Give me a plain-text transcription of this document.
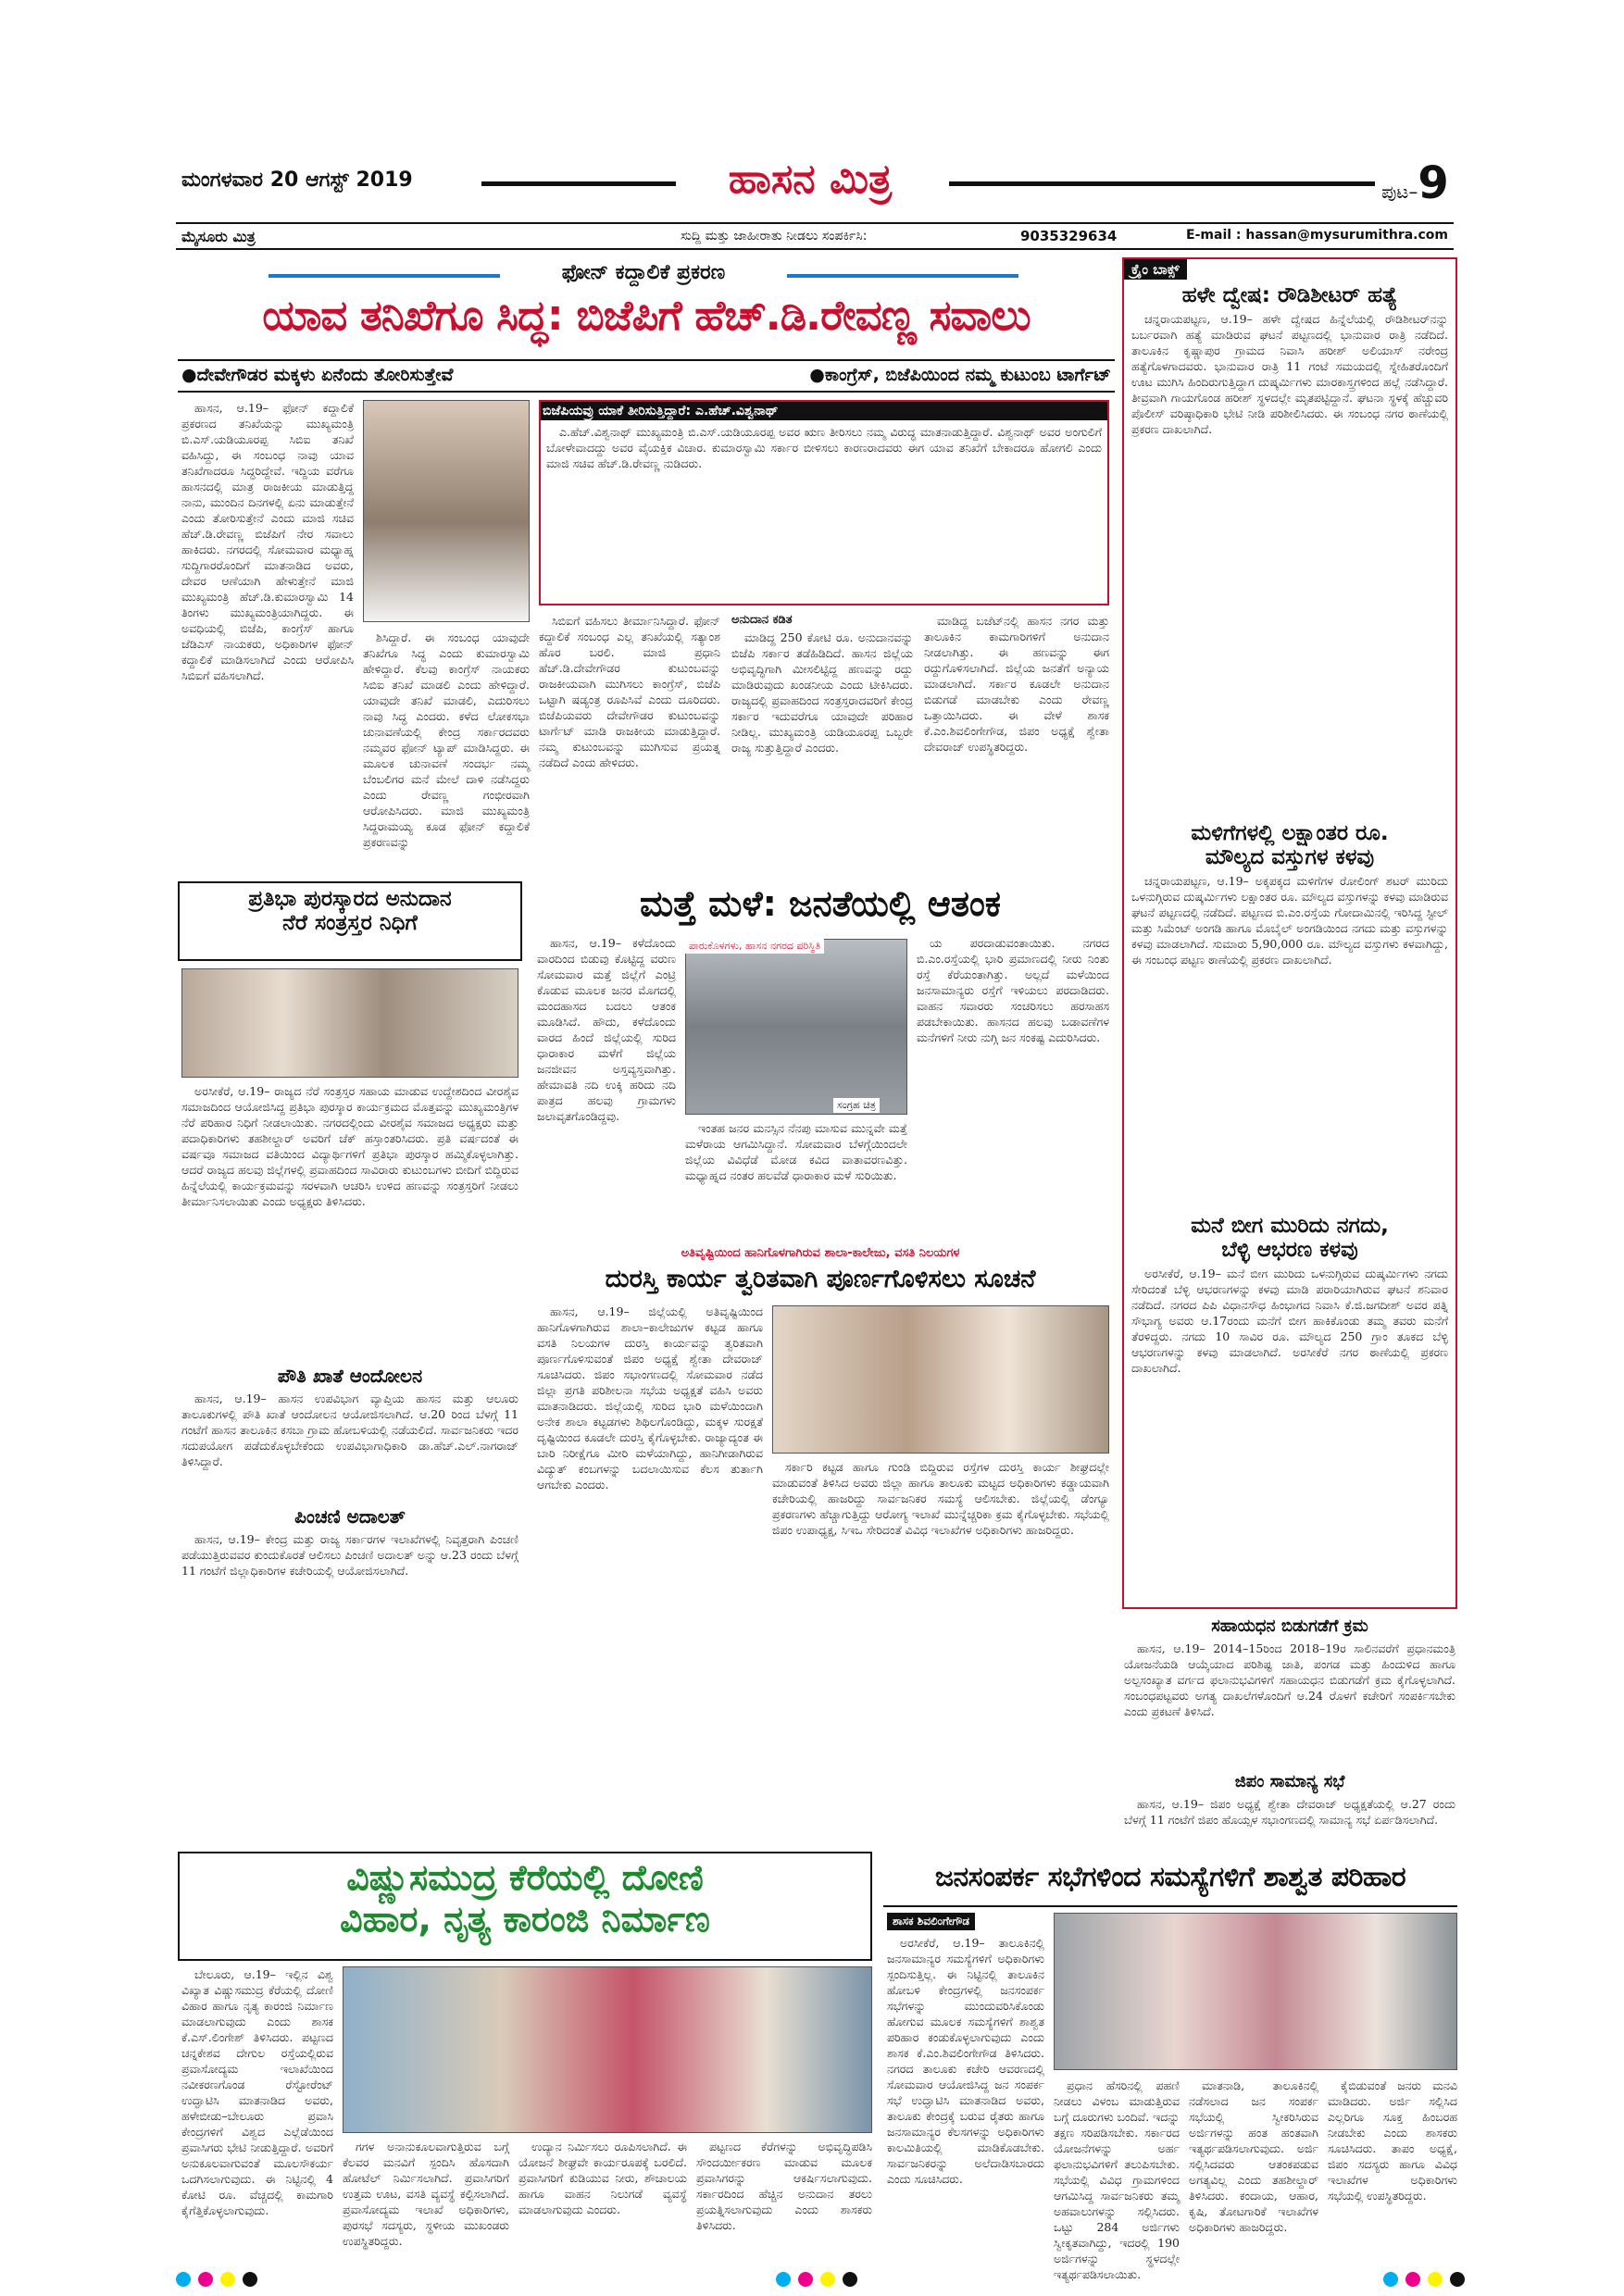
ಮಂಗಳವಾರ 20 ಆಗಸ್ಟ್ 2019	ಹಾಸನ ಮಿತ್ರ	ಪುಟ–9
ಮೈಸೂರು ಮಿತ್ರ	ಸುದ್ದಿ ಮತ್ತು ಜಾಹೀರಾತು ನೀಡಲು ಸಂಪರ್ಕಿಸಿ:	9035329634	E-mail : hassan@mysurumithra.com
ಫೋನ್ ಕದ್ದಾಲಿಕೆ ಪ್ರಕರಣ
ಯಾವ ತನಿಖೆಗೂ ಸಿದ್ಧ: ಬಿಜೆಪಿಗೆ ಹೆಚ್.ಡಿ.ರೇವಣ್ಣ ಸವಾಲು
●ದೇವೇಗೌಡರ ಮಕ್ಕಳು ಏನೆಂದು ತೋರಿಸುತ್ತೇವೆ	●ಕಾಂಗ್ರೆಸ್, ಬಿಜೆಪಿಯಿಂದ ನಮ್ಮ ಕುಟುಂಬ ಟಾರ್ಗೆಟ್

ಹಾಸನ, ಆ.19– ಫೋನ್ ಕದ್ದಾಲಿಕೆ ಪ್ರಕರಣದ ತನಿಖೆಯನ್ನು ಮುಖ್ಯಮಂತ್ರಿ ಬಿ.ಎಸ್.ಯಡಿಯೂರಪ್ಪ ಸಿಬಿಐ ತನಿಖೆ ವಹಿಸಿದ್ದು, ಈ ಸಂಬಂಧ ನಾವು ಯಾವ ತನಿಖೆಗಾದರೂ ಸಿದ್ಧರಿದ್ದೇವೆ. ಇದ್ದಿಯ ವರೆಗೂ ಹಾಸನದಲ್ಲಿ ಮಾತ್ರ ರಾಜಕೀಯ ಮಾಡುತ್ತಿದ್ದ ನಾನು, ಮುಂದಿನ ದಿನಗಳಲ್ಲಿ ಏನು ಮಾಡುತ್ತೇನೆ ಎಂದು ತೋರಿಸುತ್ತೇನೆ ಎಂದು ಮಾಜಿ ಸಚಿವ ಹೆಚ್.ಡಿ.ರೇವಣ್ಣ ಬಿಜೆಪಿಗೆ ನೇರ ಸವಾಲು ಹಾಕಿದರು. ನಗರದಲ್ಲಿ ಸೋಮವಾರ ಮಧ್ಯಾಹ್ನ ಸುದ್ದಿಗಾರರೊಂದಿಗೆ ಮಾತನಾಡಿದ ಅವರು, ದೇವರ ಆಣೆಯಾಗಿ ಹೇಳುತ್ತೇನೆ ಮಾಜಿ ಮುಖ್ಯಮಂತ್ರಿ ಹೆಚ್.ಡಿ.ಕುಮಾರಸ್ವಾಮಿ 14 ತಿಂಗಳು ಮುಖ್ಯಮಂತ್ರಿಯಾಗಿದ್ದರು. ಈ ಅವಧಿಯಲ್ಲಿ ಬಿಜೆಪಿ, ಕಾಂಗ್ರೆಸ್ ಹಾಗೂ ಜೆಡಿಎಸ್ ನಾಯಕರು, ಅಧಿಕಾರಿಗಳ ಫೋನ್ ಕದ್ದಾಲಿಕೆ ಮಾಡಿಸಲಾಗಿದೆ ಎಂದು ಆರೋಪಿಸಿ ಸಿಬಿಐಗೆ ವಹಿಸಲಾಗಿದೆ.

ಶಿಸಿದ್ದಾರೆ. ಈ ಸಂಬಂಧ ಯಾವುದೇ ತನಿಖೆಗೂ ಸಿದ್ಧ ಎಂದು ಕುಮಾರಸ್ವಾಮಿ ಹೇಳಿದ್ದಾರೆ. ಕೆಲವು ಕಾಂಗ್ರೆಸ್ ನಾಯಕರು ಸಿಬಿಐ ತನಿಖೆ ಮಾಡಲಿ ಎಂದು ಹೇಳಿದ್ದಾರೆ. ಯಾವುದೇ ತನಿಖೆ ಮಾಡಲಿ, ಎದುರಿಸಲು ನಾವು ಸಿದ್ಧ ಎಂದರು. ಕಳೆದ ಲೋಕಸಭಾ ಚುನಾವಣೆಯಲ್ಲಿ ಕೇಂದ್ರ ಸರ್ಕಾರದವರು ನಮ್ಮವರ ಫೋನ್ ಟ್ಯಾಪ್ ಮಾಡಿಸಿದ್ದರು. ಈ ಮೂಲಕ ಚುನಾವಣೆ ಸಂದರ್ಭ ನಮ್ಮ ಬೆಂಬಲಿಗರ ಮನೆ ಮೇಲೆ ದಾಳಿ ನಡೆಸಿದ್ದರು ಎಂದು ರೇವಣ್ಣ ಗಂಭೀರವಾಗಿ ಆರೋಪಿಸಿದರು. ಮಾಜಿ ಮುಖ್ಯಮಂತ್ರಿ ಸಿದ್ದರಾಮಯ್ಯ ಕೂಡ ಫೋನ್ ಕದ್ದಾಲಿಕೆ ಪ್ರಕರಣವನ್ನು

ಬಿಜೆಪಿಯವ್ರು ಯಾಕೆ ತೀರಿಸುತ್ತಿದ್ದಾರೆ: ಎ.ಹೆಚ್.ವಿಶ್ವನಾಥ್

ಎ.ಹೆಚ್.ವಿಶ್ವನಾಥ್ ಮುಖ್ಯಮಂತ್ರಿ ಬಿ.ಎಸ್.ಯಡಿಯೂರಪ್ಪ ಅವರ ಋಣ ತೀರಿಸಲು ನಮ್ಮ ವಿರುದ್ಧ ಮಾತನಾಡುತ್ತಿದ್ದಾರೆ. ವಿಶ್ವನಾಥ್ ಅವರ ಅಂಗುಲಿಗೆ ಬೋಳೇವಾದದ್ದು ಅವರ ವೈಯಕ್ತಿಕ ವಿಚಾರ. ಕುಮಾರಸ್ವಾಮಿ ಸರ್ಕಾರ ಬೀಳಿಸಲು ಕಾರಣರಾದವರು ಈಗ ಯಾವ ತನಿಖೆಗೆ ಬೇಕಾದರೂ ಹೋಗಲಿ ಎಂದು ಮಾಜಿ ಸಚಿವ ಹೆಚ್.ಡಿ.ರೇವಣ್ಣ ನುಡಿದರು.

ಸಿಬಿಐಗೆ ವಹಿಸಲು ತೀರ್ಮಾನಿಸಿದ್ದಾರೆ. ಫೋನ್ ಕದ್ದಾಲಿಕೆ ಸಂಬಂಧ ಎಲ್ಲ ತನಿಖೆಯಲ್ಲಿ ಸತ್ಯಾಂಶ ಹೊರ ಬರಲಿ. ಮಾಜಿ ಪ್ರಧಾನಿ ಹೆಚ್.ಡಿ.ದೇವೇಗೌಡರ ಕುಟುಂಬವನ್ನು ರಾಜಕೀಯವಾಗಿ ಮುಗಿಸಲು ಕಾಂಗ್ರೆಸ್, ಬಿಜೆಪಿ ಒಟ್ಟಾಗಿ ಷಡ್ಯಂತ್ರ ರೂಪಿಸಿವೆ ಎಂದು ದೂರಿದರು. ಬಿಜೆಪಿಯವರು ದೇವೇಗೌಡರ ಕುಟುಂಬವನ್ನು ಟಾರ್ಗೆಟ್ ಮಾಡಿ ರಾಜಕೀಯ ಮಾಡುತ್ತಿದ್ದಾರೆ. ನಮ್ಮ ಕುಟುಂಬವನ್ನು ಮುಗಿಸುವ ಪ್ರಯತ್ನ ನಡೆದಿದೆ ಎಂದು ಹೇಳಿದರು.

ಅನುದಾನ ಕಡಿತ

ಮಾಡಿದ್ದ 250 ಕೋಟಿ ರೂ. ಅನುದಾನವನ್ನು ಬಿಜೆಪಿ ಸರ್ಕಾರ ತಡೆಹಿಡಿದಿದೆ. ಹಾಸನ ಜಿಲ್ಲೆಯ ಅಭಿವೃದ್ಧಿಗಾಗಿ ಮೀಸಲಿಟ್ಟಿದ್ದ ಹಣವನ್ನು ರದ್ದು ಮಾಡಿರುವುದು ಖಂಡನೀಯ ಎಂದು ಟೀಕಿಸಿದರು. ರಾಜ್ಯದಲ್ಲಿ ಪ್ರವಾಹದಿಂದ ಸಂತ್ರಸ್ತರಾದವರಿಗೆ ಕೇಂದ್ರ ಸರ್ಕಾರ ಇದುವರೆಗೂ ಯಾವುದೇ ಪರಿಹಾರ ನೀಡಿಲ್ಲ. ಮುಖ್ಯಮಂತ್ರಿ ಯಡಿಯೂರಪ್ಪ ಒಬ್ಬರೇ ರಾಜ್ಯ ಸುತ್ತುತ್ತಿದ್ದಾರೆ ಎಂದರು.

ಮಾಡಿದ್ದ ಬಜೆಟ್‌ನಲ್ಲಿ ಹಾಸನ ನಗರ ಮತ್ತು ತಾಲೂಕಿನ ಕಾಮಗಾರಿಗಳಿಗೆ ಅನುದಾನ ನೀಡಲಾಗಿತ್ತು. ಈ ಹಣವನ್ನು ಈಗ ರದ್ದುಗೊಳಿಸಲಾಗಿದೆ. ಜಿಲ್ಲೆಯ ಜನತೆಗೆ ಅನ್ಯಾಯ ಮಾಡಲಾಗಿದೆ. ಸರ್ಕಾರ ಕೂಡಲೇ ಅನುದಾನ ಬಿಡುಗಡೆ ಮಾಡಬೇಕು ಎಂದು ರೇವಣ್ಣ ಒತ್ತಾಯಿಸಿದರು. ಈ ವೇಳೆ ಶಾಸಕ ಕೆ.ಎಂ.ಶಿವಲಿಂಗೇಗೌಡ, ಜಿಪಂ ಅಧ್ಯಕ್ಷೆ ಶ್ವೇತಾ ದೇವರಾಜ್ ಉಪಸ್ಥಿತರಿದ್ದರು.

ಕ್ರೈಂ ಬಾಕ್ಸ್
ಹಳೇ ದ್ವೇಷ: ರೌಡಿಶೀಟರ್ ಹತ್ಯೆ

ಚನ್ನರಾಯಪಟ್ಟಣ, ಆ.19– ಹಳೇ ದ್ವೇಷದ ಹಿನ್ನೆಲೆಯಲ್ಲಿ ರೌಡಿಶೀಟರ್‌ನನ್ನು ಬರ್ಬರವಾಗಿ ಹತ್ಯೆ ಮಾಡಿರುವ ಘಟನೆ ಪಟ್ಟಣದಲ್ಲಿ ಭಾನುವಾರ ರಾತ್ರಿ ನಡೆದಿದೆ. ತಾಲೂಕಿನ ಕೃಷ್ಣಾಪುರ ಗ್ರಾಮದ ನಿವಾಸಿ ಹರೀಶ್ ಅಲಿಯಾಸ್ ನರೇಂದ್ರ ಹತ್ಯೆಗೊಳಗಾದವರು. ಭಾನುವಾರ ರಾತ್ರಿ 11 ಗಂಟೆ ಸಮಯದಲ್ಲಿ ಸ್ನೇಹಿತರೊಂದಿಗೆ ಊಟ ಮುಗಿಸಿ ಹಿಂದಿರುಗುತ್ತಿದ್ದಾಗ ದುಷ್ಕರ್ಮಿಗಳು ಮಾರಕಾಸ್ತ್ರಗಳಿಂದ ಹಲ್ಲೆ ನಡೆಸಿದ್ದಾರೆ. ತೀವ್ರವಾಗಿ ಗಾಯಗೊಂಡ ಹರೀಶ್ ಸ್ಥಳದಲ್ಲೇ ಮೃತಪಟ್ಟಿದ್ದಾನೆ. ಘಟನಾ ಸ್ಥಳಕ್ಕೆ ಹೆಚ್ಚುವರಿ ಪೊಲೀಸ್ ವರಿಷ್ಠಾಧಿಕಾರಿ ಭೇಟಿ ನೀಡಿ ಪರಿಶೀಲಿಸಿದರು. ಈ ಸಂಬಂಧ ನಗರ ಠಾಣೆಯಲ್ಲಿ ಪ್ರಕರಣ ದಾಖಲಾಗಿದೆ.

ಮಳಿಗೆಗಳಲ್ಲಿ ಲಕ್ಷಾಂತರ ರೂ.
ಮೌಲ್ಯದ ವಸ್ತುಗಳ ಕಳವು

ಚನ್ನರಾಯಪಟ್ಟಣ, ಆ.19– ಅಕ್ಕಪಕ್ಕದ ಮಳಿಗೆಗಳ ರೋಲಿಂಗ್ ಶಟರ್ ಮುರಿದು ಒಳನುಗ್ಗಿರುವ ದುಷ್ಕರ್ಮಿಗಳು ಲಕ್ಷಾಂತರ ರೂ. ಮೌಲ್ಯದ ವಸ್ತುಗಳನ್ನು ಕಳವು ಮಾಡಿರುವ ಘಟನೆ ಪಟ್ಟಣದಲ್ಲಿ ನಡೆದಿದೆ. ಪಟ್ಟಣದ ಬಿ.ಎಂ.ರಸ್ತೆಯ ಗೋದಾಮಿನಲ್ಲಿ ಇರಿಸಿದ್ದ ಸ್ಟೀಲ್ ಮತ್ತು ಸಿಮೆಂಟ್ ಅಂಗಡಿ ಹಾಗೂ ಮೊಬೈಲ್ ಅಂಗಡಿಯಿಂದ ನಗದು ಮತ್ತು ವಸ್ತುಗಳನ್ನು ಕಳವು ಮಾಡಲಾಗಿದೆ. ಸುಮಾರು 5,90,000 ರೂ. ಮೌಲ್ಯದ ವಸ್ತುಗಳು ಕಳವಾಗಿದ್ದು, ಈ ಸಂಬಂಧ ಪಟ್ಟಣ ಠಾಣೆಯಲ್ಲಿ ಪ್ರಕರಣ ದಾಖಲಾಗಿದೆ.

ಮನೆ ಬೀಗ ಮುರಿದು ನಗದು,
ಬೆಳ್ಳಿ ಆಭರಣ ಕಳವು

ಅರಸೀಕೆರೆ, ಆ.19– ಮನೆ ಬೀಗ ಮುರಿದು ಒಳನುಗ್ಗಿರುವ ದುಷ್ಕರ್ಮಿಗಳು ನಗದು ಸೇರಿದಂತೆ ಬೆಳ್ಳಿ ಆಭರಣಗಳನ್ನು ಕಳವು ಮಾಡಿ ಪರಾರಿಯಾಗಿರುವ ಘಟನೆ ಶನಿವಾರ ನಡೆದಿದೆ. ನಗರದ ಪಿಪಿ ವಿಧಾನಸೌಧ ಹಿಂಭಾಗದ ನಿವಾಸಿ ಕೆ.ಜಿ.ಜಗದೀಶ್ ಅವರ ಪತ್ನಿ ಸೌಭಾಗ್ಯ ಅವರು ಆ.17ರಂದು ಮನೆಗೆ ಬೀಗ ಹಾಕಿಕೊಂಡು ತಮ್ಮ ತವರು ಮನೆಗೆ ತೆರಳಿದ್ದರು. ನಗದು 10 ಸಾವಿರ ರೂ. ಮೌಲ್ಯದ 250 ಗ್ರಾಂ ತೂಕದ ಬೆಳ್ಳಿ ಆಭರಣಗಳನ್ನು ಕಳವು ಮಾಡಲಾಗಿದೆ. ಅರಸೀಕೆರೆ ನಗರ ಠಾಣೆಯಲ್ಲಿ ಪ್ರಕರಣ ದಾಖಲಾಗಿದೆ.

ಪ್ರತಿಭಾ ಪುರಸ್ಕಾರದ ಅನುದಾನ
ನೆರೆ ಸಂತ್ರಸ್ತರ ನಿಧಿಗೆ

ಅರಸೀಕೆರೆ, ಆ.19– ರಾಜ್ಯದ ನೆರೆ ಸಂತ್ರಸ್ತರ ಸಹಾಯ ಮಾಡುವ ಉದ್ದೇಶದಿಂದ ವೀರಶೈವ ಸಮಾಜದಿಂದ ಆಯೋಜಿಸಿದ್ದ ಪ್ರತಿಭಾ ಪುರಸ್ಕಾರ ಕಾರ್ಯಕ್ರಮದ ಮೊತ್ತವನ್ನು ಮುಖ್ಯಮಂತ್ರಿಗಳ ನೆರೆ ಪರಿಹಾರ ನಿಧಿಗೆ ನೀಡಲಾಯಿತು. ನಗರದಲ್ಲಿಂದು ವೀರಶೈವ ಸಮಾಜದ ಅಧ್ಯಕ್ಷರು ಮತ್ತು ಪದಾಧಿಕಾರಿಗಳು ತಹಶೀಲ್ದಾರ್ ಅವರಿಗೆ ಚೆಕ್ ಹಸ್ತಾಂತರಿಸಿದರು. ಪ್ರತಿ ವರ್ಷದಂತೆ ಈ ವರ್ಷವೂ ಸಮಾಜದ ವತಿಯಿಂದ ವಿದ್ಯಾರ್ಥಿಗಳಿಗೆ ಪ್ರತಿಭಾ ಪುರಸ್ಕಾರ ಹಮ್ಮಿಕೊಳ್ಳಲಾಗಿತ್ತು. ಆದರೆ ರಾಜ್ಯದ ಹಲವು ಜಿಲ್ಲೆಗಳಲ್ಲಿ ಪ್ರವಾಹದಿಂದ ಸಾವಿರಾರು ಕುಟುಂಬಗಳು ಬೀದಿಗೆ ಬಿದ್ದಿರುವ ಹಿನ್ನೆಲೆಯಲ್ಲಿ ಕಾರ್ಯಕ್ರಮವನ್ನು ಸರಳವಾಗಿ ಆಚರಿಸಿ ಉಳಿದ ಹಣವನ್ನು ಸಂತ್ರಸ್ತರಿಗೆ ನೀಡಲು ತೀರ್ಮಾನಿಸಲಾಯಿತು ಎಂದು ಅಧ್ಯಕ್ಷರು ತಿಳಿಸಿದರು.

ಪೌತಿ ಖಾತೆ ಆಂದೋಲನ

ಹಾಸನ, ಆ.19– ಹಾಸನ ಉಪವಿಭಾಗ ವ್ಯಾಪ್ತಿಯ ಹಾಸನ ಮತ್ತು ಆಲೂರು ತಾಲೂಕುಗಳಲ್ಲಿ ಪೌತಿ ಖಾತೆ ಆಂದೋಲನ ಆಯೋಜಿಸಲಾಗಿದೆ. ಆ.20 ರಿಂದ ಬೆಳಗ್ಗೆ 11 ಗಂಟೆಗೆ ಹಾಸನ ತಾಲೂಕಿನ ಕಸಬಾ ಗ್ರಾಮ ಹೋಬಳಿಯಲ್ಲಿ ನಡೆಯಲಿದೆ. ಸಾರ್ವಜನಿಕರು ಇದರ ಸದುಪಯೋಗ ಪಡೆದುಕೊಳ್ಳಬೇಕೆಂದು ಉಪವಿಭಾಗಾಧಿಕಾರಿ ಡಾ.ಹೆಚ್.ಎಲ್.ನಾಗರಾಜ್ ತಿಳಿಸಿದ್ದಾರೆ.

ಪಿಂಚಣಿ ಅದಾಲತ್

ಹಾಸನ, ಆ.19– ಕೇಂದ್ರ ಮತ್ತು ರಾಜ್ಯ ಸರ್ಕಾರಗಳ ಇಲಾಖೆಗಳಲ್ಲಿ ನಿವೃತ್ತರಾಗಿ ಪಿಂಚಣಿ ಪಡೆಯುತ್ತಿರುವವರ ಕುಂದುಕೊರತೆ ಆಲಿಸಲು ಪಿಂಚಣಿ ಅದಾಲತ್ ಅನ್ನು ಆ.23 ರಂದು ಬೆಳಗ್ಗೆ 11 ಗಂಟೆಗೆ ಜಿಲ್ಲಾಧಿಕಾರಿಗಳ ಕಚೇರಿಯಲ್ಲಿ ಆಯೋಜಿಸಲಾಗಿದೆ.

ಮತ್ತೆ ಮಳೆ: ಜನತೆಯಲ್ಲಿ ಆತಂಕ

ಹಾಸನ, ಆ.19– ಕಳೆದೊಂದು ವಾರದಿಂದ ಬಿಡುವು ಕೊಟ್ಟಿದ್ದ ವರುಣ ಸೋಮವಾರ ಮತ್ತೆ ಜಿಲ್ಲೆಗೆ ಎಂಟ್ರಿ ಕೊಡುವ ಮೂಲಕ ಜನರ ಮೊಗದಲ್ಲಿ ಮಂದಹಾಸದ ಬದಲು ಆತಂಕ ಮೂಡಿಸಿದೆ. ಹೌದು, ಕಳೆದೊಂದು ವಾರದ ಹಿಂದೆ ಜಿಲ್ಲೆಯಲ್ಲಿ ಸುರಿದ ಧಾರಾಕಾರ ಮಳೆಗೆ ಜಿಲ್ಲೆಯ ಜನಜೀವನ ಅಸ್ತವ್ಯಸ್ತವಾಗಿತ್ತು. ಹೇಮಾವತಿ ನದಿ ಉಕ್ಕಿ ಹರಿದು ನದಿ ಪಾತ್ರದ ಹಲವು ಗ್ರಾಮಗಳು ಜಲಾವೃತಗೊಂಡಿದ್ದವು.

ಪಾರುಕೊಳಗಳು, ಹಾಸನ ನಗರದ ಪರಿಸ್ಥಿತಿ
ಸಂಗ್ರಹ ಚಿತ್ರ

ಇಂತಹ ಜನರ ಮನಸ್ಸಿನ ನೆನಪು ಮಾಸುವ ಮುನ್ನವೇ ಮತ್ತೆ ಮಳೆರಾಯ ಆಗಮಿಸಿದ್ದಾನೆ. ಸೋಮವಾರ ಬೆಳಗ್ಗೆಯಿಂದಲೇ ಜಿಲ್ಲೆಯ ವಿವಿಧೆಡೆ ಮೋಡ ಕವಿದ ವಾತಾವರಣವಿತ್ತು. ಮಧ್ಯಾಹ್ನದ ನಂತರ ಹಲವೆಡೆ ಧಾರಾಕಾರ ಮಳೆ ಸುರಿಯಿತು.

ಯ ಪರದಾಡುವಂತಾಯಿತು. ನಗರದ ಬಿ.ಎಂ.ರಸ್ತೆಯಲ್ಲಿ ಭಾರಿ ಪ್ರಮಾಣದಲ್ಲಿ ನೀರು ನಿಂತು ರಸ್ತೆ ಕೆರೆಯಂತಾಗಿತ್ತು. ಅಲ್ಲದೆ ಮಳೆಯಿಂದ ಜನಸಾಮಾನ್ಯರು ರಸ್ತೆಗೆ ಇಳಿಯಲು ಪರದಾಡಿದರು. ವಾಹನ ಸವಾರರು ಸಂಚರಿಸಲು ಹರಸಾಹಸ ಪಡಬೇಕಾಯಿತು. ಹಾಸನದ ಹಲವು ಬಡಾವಣೆಗಳ ಮನೆಗಳಿಗೆ ನೀರು ನುಗ್ಗಿ ಜನ ಸಂಕಷ್ಟ ಎದುರಿಸಿದರು.

ಅತಿವೃಷ್ಟಿಯಿಂದ ಹಾನಿಗೊಳಗಾಗಿರುವ ಶಾಲಾ-ಕಾಲೇಜು, ವಸತಿ ನಿಲಯಗಳ
ದುರಸ್ತಿ ಕಾರ್ಯ ತ್ವರಿತವಾಗಿ ಪೂರ್ಣಗೊಳಿಸಲು ಸೂಚನೆ

ಹಾಸನ, ಆ.19– ಜಿಲ್ಲೆಯಲ್ಲಿ ಅತಿವೃಷ್ಟಿಯಿಂದ ಹಾನಿಗೊಳಗಾಗಿರುವ ಶಾಲಾ–ಕಾಲೇಜುಗಳ ಕಟ್ಟಡ ಹಾಗೂ ವಸತಿ ನಿಲಯಗಳ ದುರಸ್ತಿ ಕಾರ್ಯವನ್ನು ತ್ವರಿತವಾಗಿ ಪೂರ್ಣಗೊಳಿಸುವಂತೆ ಜಿಪಂ ಅಧ್ಯಕ್ಷೆ ಶ್ವೇತಾ ದೇವರಾಜ್ ಸೂಚಿಸಿದರು. ಜಿಪಂ ಸಭಾಂಗಣದಲ್ಲಿ ಸೋಮವಾರ ನಡೆದ ಜಿಲ್ಲಾ ಪ್ರಗತಿ ಪರಿಶೀಲನಾ ಸಭೆಯ ಅಧ್ಯಕ್ಷತೆ ವಹಿಸಿ ಅವರು ಮಾತನಾಡಿದರು. ಜಿಲ್ಲೆಯಲ್ಲಿ ಸುರಿದ ಭಾರಿ ಮಳೆಯಿಂದಾಗಿ ಅನೇಕ ಶಾಲಾ ಕಟ್ಟಡಗಳು ಶಿಥಿಲಗೊಂಡಿದ್ದು, ಮಕ್ಕಳ ಸುರಕ್ಷತೆ ದೃಷ್ಟಿಯಿಂದ ಕೂಡಲೇ ದುರಸ್ತಿ ಕೈಗೊಳ್ಳಬೇಕು. ರಾಜ್ಯಾದ್ಯಂತ ಈ ಬಾರಿ ನಿರೀಕ್ಷೆಗೂ ಮೀರಿ ಮಳೆಯಾಗಿದ್ದು, ಹಾನಿಗೀಡಾಗಿರುವ ವಿದ್ಯುತ್ ಕಂಬಗಳನ್ನು ಬದಲಾಯಿಸುವ ಕೆಲಸ ತುರ್ತಾಗಿ ಆಗಬೇಕು ಎಂದರು.

ಸರ್ಕಾರಿ ಕಟ್ಟಡ ಹಾಗೂ ಗುಂಡಿ ಬಿದ್ದಿರುವ ರಸ್ತೆಗಳ ದುರಸ್ತಿ ಕಾರ್ಯ ಶೀಘ್ರದಲ್ಲೇ ಮಾಡುವಂತೆ ತಿಳಿಸಿದ ಅವರು ಜಿಲ್ಲಾ ಹಾಗೂ ತಾಲೂಕು ಮಟ್ಟದ ಅಧಿಕಾರಿಗಳು ಕಡ್ಡಾಯವಾಗಿ ಕಚೇರಿಯಲ್ಲಿ ಹಾಜರಿದ್ದು ಸಾರ್ವಜನಿಕರ ಸಮಸ್ಯೆ ಆಲಿಸಬೇಕು. ಜಿಲ್ಲೆಯಲ್ಲಿ ಡೆಂಗ್ಯೂ ಪ್ರಕರಣಗಳು ಹೆಚ್ಚಾಗುತ್ತಿದ್ದು ಆರೋಗ್ಯ ಇಲಾಖೆ ಮುನ್ನೆಚ್ಚರಿಕಾ ಕ್ರಮ ಕೈಗೊಳ್ಳಬೇಕು. ಸಭೆಯಲ್ಲಿ ಜಿಪಂ ಉಪಾಧ್ಯಕ್ಷ, ಸಿಇಒ ಸೇರಿದಂತೆ ವಿವಿಧ ಇಲಾಖೆಗಳ ಅಧಿಕಾರಿಗಳು ಹಾಜರಿದ್ದರು.

ಸಹಾಯಧನ ಬಿಡುಗಡೆಗೆ ಕ್ರಮ

ಹಾಸನ, ಆ.19– 2014–15ರಿಂದ 2018–19ರ ಸಾಲಿನವರೆಗೆ ಪ್ರಧಾನಮಂತ್ರಿ ಯೋಜನೆಯಡಿ ಆಯ್ಕೆಯಾದ ಪರಿಶಿಷ್ಟ ಜಾತಿ, ಪಂಗಡ ಮತ್ತು ಹಿಂದುಳಿದ ಹಾಗೂ ಅಲ್ಪಸಂಖ್ಯಾತ ವರ್ಗದ ಫಲಾನುಭವಿಗಳಿಗೆ ಸಹಾಯಧನ ಬಿಡುಗಡೆಗೆ ಕ್ರಮ ಕೈಗೊಳ್ಳಲಾಗಿದೆ. ಸಂಬಂಧಪಟ್ಟವರು ಅಗತ್ಯ ದಾಖಲೆಗಳೊಂದಿಗೆ ಆ.24 ರೊಳಗೆ ಕಚೇರಿಗೆ ಸಂಪರ್ಕಿಸಬೇಕು ಎಂದು ಪ್ರಕಟಣೆ ತಿಳಿಸಿದೆ.

ಜಿಪಂ ಸಾಮಾನ್ಯ ಸಭೆ

ಹಾಸನ, ಆ.19– ಜಿಪಂ ಅಧ್ಯಕ್ಷೆ ಶ್ವೇತಾ ದೇವರಾಜ್ ಅಧ್ಯಕ್ಷತೆಯಲ್ಲಿ ಆ.27 ರಂದು ಬೆಳಗ್ಗೆ 11 ಗಂಟೆಗೆ ಜಿಪಂ ಹೊಯ್ಸಳ ಸಭಾಂಗಣದಲ್ಲಿ ಸಾಮಾನ್ಯ ಸಭೆ ಏರ್ಪಡಿಸಲಾಗಿದೆ.

ವಿಷ್ಣುಸಮುದ್ರ ಕೆರೆಯಲ್ಲಿ ದೋಣಿ
ವಿಹಾರ, ನೃತ್ಯ ಕಾರಂಜಿ ನಿರ್ಮಾಣ

ಬೇಲೂರು, ಆ.19– ಇಲ್ಲಿನ ವಿಶ್ವ ವಿಖ್ಯಾತ ವಿಷ್ಣುಸಮುದ್ರ ಕೆರೆಯಲ್ಲಿ ದೋಣಿ ವಿಹಾರ ಹಾಗೂ ನೃತ್ಯ ಕಾರಂಜಿ ನಿರ್ಮಾಣ ಮಾಡಲಾಗುವುದು ಎಂದು ಶಾಸಕ ಕೆ.ಎಸ್.ಲಿಂಗೇಶ್ ತಿಳಿಸಿದರು. ಪಟ್ಟಣದ ಚನ್ನಕೇಶವ ದೇಗುಲ ರಸ್ತೆಯಲ್ಲಿರುವ ಪ್ರವಾಸೋದ್ಯಮ ಇಲಾಖೆಯಿಂದ ನವೀಕರಣಗೊಂಡ ರೆಸ್ಟೋರೆಂಟ್ ಉದ್ಘಾಟಿಸಿ ಮಾತನಾಡಿದ ಅವರು, ಹಳೇಬೀಡು–ಬೇಲೂರು ಪ್ರವಾಸಿ ಕೇಂದ್ರಗಳಿಗೆ ವಿಶ್ವದ ಎಲ್ಲೆಡೆಯಿಂದ ಪ್ರವಾಸಿಗರು ಭೇಟಿ ನೀಡುತ್ತಿದ್ದಾರೆ. ಅವರಿಗೆ ಅನುಕೂಲವಾಗುವಂತೆ ಮೂಲಸೌಕರ್ಯ ಒದಗಿಸಲಾಗುವುದು. ಈ ನಿಟ್ಟಿನಲ್ಲಿ 4 ಕೋಟಿ ರೂ. ವೆಚ್ಚದಲ್ಲಿ ಕಾಮಗಾರಿ ಕೈಗೆತ್ತಿಕೊಳ್ಳಲಾಗುವುದು.

ಗಗಳ ಅನಾನುಕೂಲವಾಗುತ್ತಿರುವ ಬಗ್ಗೆ ಕೆಲವರ ಮನವಿಗೆ ಸ್ಪಂದಿಸಿ ಹೊಸದಾಗಿ ಹೋಟೆಲ್ ನಿರ್ಮಿಸಲಾಗಿದೆ. ಪ್ರವಾಸಿಗರಿಗೆ ಉತ್ತಮ ಊಟ, ವಸತಿ ವ್ಯವಸ್ಥೆ ಕಲ್ಪಿಸಲಾಗಿದೆ. ಪ್ರವಾಸೋದ್ಯಮ ಇಲಾಖೆ ಅಧಿಕಾರಿಗಳು, ಪುರಸಭೆ ಸದಸ್ಯರು, ಸ್ಥಳೀಯ ಮುಖಂಡರು ಉಪಸ್ಥಿತರಿದ್ದರು.

ಉದ್ಯಾನ ನಿರ್ಮಿಸಲು ರೂಪಿಸಲಾಗಿದೆ. ಈ ಯೋಜನೆ ಶೀಘ್ರವೇ ಕಾರ್ಯರೂಪಕ್ಕೆ ಬರಲಿದೆ. ಪ್ರವಾಸಿಗರಿಗೆ ಕುಡಿಯುವ ನೀರು, ಶೌಚಾಲಯ ಹಾಗೂ ವಾಹನ ನಿಲುಗಡೆ ವ್ಯವಸ್ಥೆ ಮಾಡಲಾಗುವುದು ಎಂದರು.

ಪಟ್ಟಣದ ಕೆರೆಗಳನ್ನು ಅಭಿವೃದ್ಧಿಪಡಿಸಿ ಸೌಂದರ್ಯೀಕರಣ ಮಾಡುವ ಮೂಲಕ ಪ್ರವಾಸಿಗರನ್ನು ಆಕರ್ಷಿಸಲಾಗುವುದು. ಸರ್ಕಾರದಿಂದ ಹೆಚ್ಚಿನ ಅನುದಾನ ತರಲು ಪ್ರಯತ್ನಿಸಲಾಗುವುದು ಎಂದು ಶಾಸಕರು ತಿಳಿಸಿದರು.

ಜನಸಂಪರ್ಕ ಸಭೆಗಳಿಂದ ಸಮಸ್ಯೆಗಳಿಗೆ ಶಾಶ್ವತ ಪರಿಹಾರ
ಶಾಸಕ ಶಿವಲಿಂಗೇಗೌಡ

ಅರಸೀಕೆರೆ, ಆ.19– ತಾಲೂಕಿನಲ್ಲಿ ಜನಸಾಮಾನ್ಯರ ಸಮಸ್ಯೆಗಳಿಗೆ ಅಧಿಕಾರಿಗಳು ಸ್ಪಂದಿಸುತ್ತಿಲ್ಲ. ಈ ನಿಟ್ಟಿನಲ್ಲಿ ತಾಲೂಕಿನ ಹೋಬಳಿ ಕೇಂದ್ರಗಳಲ್ಲಿ ಜನಸಂಪರ್ಕ ಸಭೆಗಳನ್ನು ಮುಂದುವರಿಸಿಕೊಂಡು ಹೋಗುವ ಮೂಲಕ ಸಮಸ್ಯೆಗಳಿಗೆ ಶಾಶ್ವತ ಪರಿಹಾರ ಕಂಡುಕೊಳ್ಳಲಾಗುವುದು ಎಂದು ಶಾಸಕ ಕೆ.ಎಂ.ಶಿವಲಿಂಗೇಗೌಡ ತಿಳಿಸಿದರು. ನಗರದ ತಾಲೂಕು ಕಚೇರಿ ಆವರಣದಲ್ಲಿ ಸೋಮವಾರ ಆಯೋಜಿಸಿದ್ದ ಜನ ಸಂಪರ್ಕ ಸಭೆ ಉದ್ಘಾಟಿಸಿ ಮಾತನಾಡಿದ ಅವರು, ತಾಲೂಕು ಕೇಂದ್ರಕ್ಕೆ ಬರುವ ರೈತರು ಹಾಗೂ ಜನಸಾಮಾನ್ಯರ ಕೆಲಸಗಳನ್ನು ಅಧಿಕಾರಿಗಳು ಕಾಲಮಿತಿಯಲ್ಲಿ ಮಾಡಿಕೊಡಬೇಕು. ಸಾರ್ವಜನಿಕರನ್ನು ಅಲೆದಾಡಿಸಬಾರದು ಎಂದು ಸೂಚಿಸಿದರು.

ಪ್ರಧಾನ ಹೆಸರಿನಲ್ಲಿ ಪಹಣಿ ನೀಡಲು ವಿಳಂಬ ಮಾಡುತ್ತಿರುವ ಬಗ್ಗೆ ದೂರುಗಳು ಬಂದಿವೆ. ಇದನ್ನು ತಕ್ಷಣ ಸರಿಪಡಿಸಬೇಕು. ಸರ್ಕಾರದ ಯೋಜನೆಗಳನ್ನು ಅರ್ಹ ಫಲಾನುಭವಿಗಳಿಗೆ ತಲುಪಿಸಬೇಕು. ಸಭೆಯಲ್ಲಿ ವಿವಿಧ ಗ್ರಾಮಗಳಿಂದ ಆಗಮಿಸಿದ್ದ ಸಾರ್ವಜನಿಕರು ತಮ್ಮ ಅಹವಾಲುಗಳನ್ನು ಸಲ್ಲಿಸಿದರು. ಒಟ್ಟು 284 ಅರ್ಜಿಗಳು ಸ್ವೀಕೃತವಾಗಿದ್ದು, ಇದರಲ್ಲಿ 190 ಅರ್ಜಿಗಳನ್ನು ಸ್ಥಳದಲ್ಲೇ ಇತ್ಯರ್ಥಪಡಿಸಲಾಯಿತು.

ಮಾತನಾಡಿ, ತಾಲೂಕಿನಲ್ಲಿ ನಡೆಸಲಾದ ಜನ ಸಂಪರ್ಕ ಸಭೆಯಲ್ಲಿ ಸ್ವೀಕರಿಸಿರುವ ಅರ್ಜಿಗಳನ್ನು ಹಂತ ಹಂತವಾಗಿ ಇತ್ಯರ್ಥಪಡಿಸಲಾಗುವುದು. ಅರ್ಜಿ ಸಲ್ಲಿಸಿದವರು ಆತಂಕಪಡುವ ಅಗತ್ಯವಿಲ್ಲ ಎಂದು ತಹಶೀಲ್ದಾರ್ ತಿಳಿಸಿದರು. ಕಂದಾಯ, ಆಹಾರ, ಕೃಷಿ, ತೋಟಗಾರಿಕೆ ಇಲಾಖೆಗಳ ಅಧಿಕಾರಿಗಳು ಹಾಜರಿದ್ದರು.

ಕೈಬಿಡುವಂತೆ ಜನರು ಮನವಿ ಮಾಡಿದರು. ಅರ್ಜಿ ಸಲ್ಲಿಸಿದ ಎಲ್ಲರಿಗೂ ಸೂಕ್ತ ಹಿಂಬರಹ ನೀಡಬೇಕು ಎಂದು ಶಾಸಕರು ಸೂಚಿಸಿದರು. ತಾಪಂ ಅಧ್ಯಕ್ಷೆ, ಜಿಪಂ ಸದಸ್ಯರು ಹಾಗೂ ವಿವಿಧ ಇಲಾಖೆಗಳ ಅಧಿಕಾರಿಗಳು ಸಭೆಯಲ್ಲಿ ಉಪಸ್ಥಿತರಿದ್ದರು.
